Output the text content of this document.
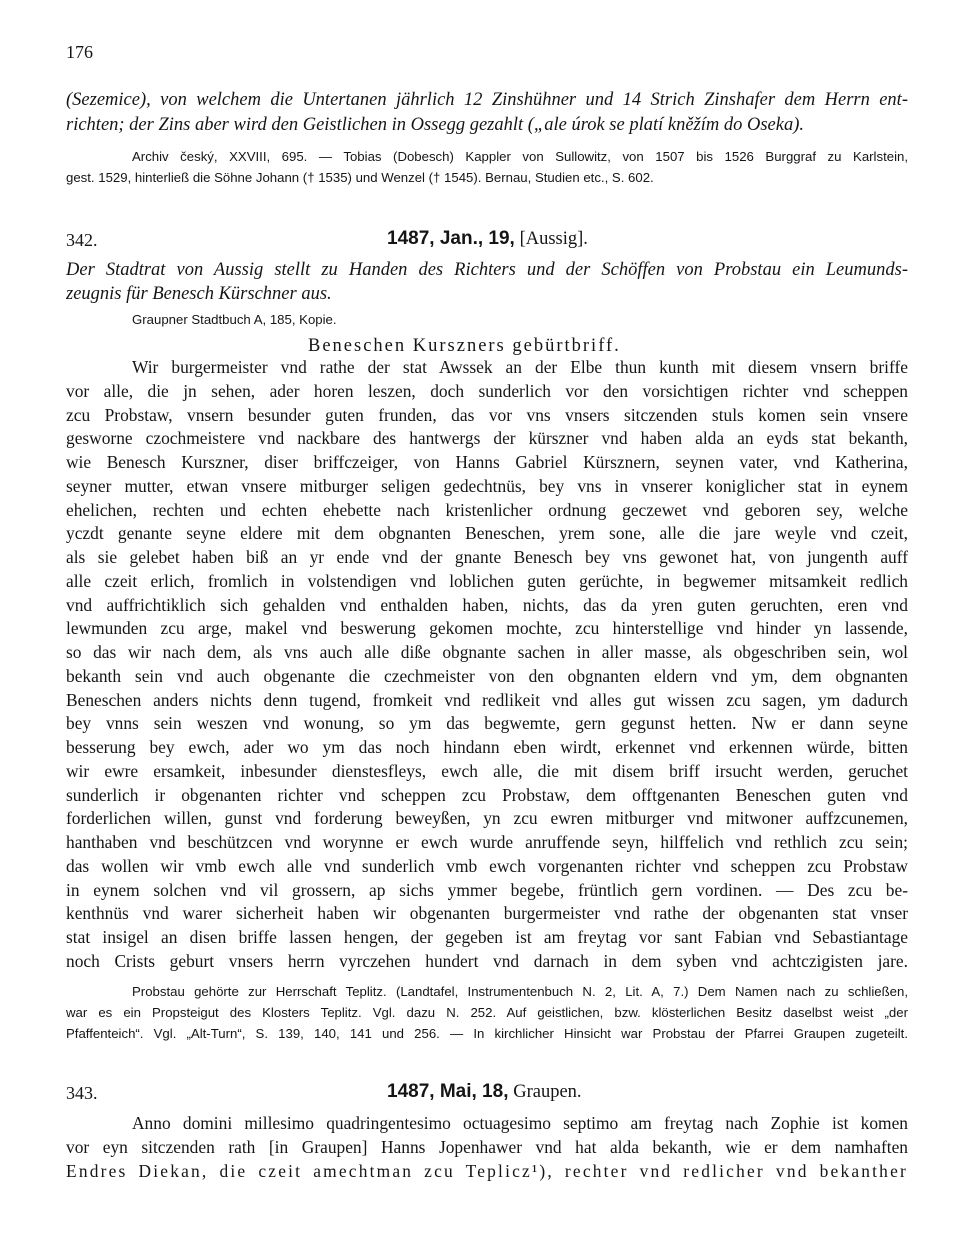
176
(Sezemice), von welchem die Untertanen jährlich 12 Zinshühner und 14 Strich Zinshafer dem Herrn ent-
richten; der Zins aber wird den Geistlichen in Ossegg gezahlt („ale úrok se platí kněžím do Oseka).
Archiv český, XXVIII, 695. — Tobias (Dobesch) Kappler von Sullowitz, von 1507 bis 1526 Burggraf zu Karlstein,
gest. 1529, hinterließ die Söhne Johann († 1535) und Wenzel († 1545). Bernau, Studien etc., S. 602.
342.	1487, Jan., 19, [Aussig].
Der Stadtrat von Aussig stellt zu Handen des Richters und der Schöffen von Probstau ein Leumunds-
zeugnis für Benesch Kürschner aus.
Graupner Stadtbuch A, 185, Kopie.
Beneschen Kurszners gebürtbriff.
Wir burgermeister vnd rathe der stat Awssek an der Elbe thun kunth mit diesem vnsern briffe
vor alle, die jn sehen, ader horen leszen, doch sunderlich vor den vorsichtigen richter vnd scheppen
zcu Probstaw, vnsern besunder guten frunden, das vor vns vnsers sitczenden stuls komen sein vnsere
gesworne czochmeistere vnd nackbare des hantwergs der kürszner vnd haben alda an eyds stat bekanth,
wie Benesch Kurszner, diser briffczeiger, von Hanns Gabriel Kürsznern, seynen vater, vnd Katherina,
seyner mutter, etwan vnsere mitburger seligen gedechtnüs, bey vns in vnserer koniglicher stat in eynem
ehelichen, rechten und echten ehebette nach kristenlicher ordnung geczewet vnd geboren sey, welche
yczdt genante seyne eldere mit dem obgnanten Beneschen, yrem sone, alle die jare weyle vnd czeit,
als sie gelebet haben biß an yr ende vnd der gnante Benesch bey vns gewonet hat, von jungenth auff
alle czeit erlich, fromlich in volstendigen vnd loblichen guten gerüchte, in begwemer mitsamkeit redlich
vnd auffrichtiklich sich gehalden vnd enthalden haben, nichts, das da yren guten geruchten, eren vnd
lewmunden zcu arge, makel vnd beswerung gekomen mochte, zcu hinterstellige vnd hinder yn lassende,
so das wir nach dem, als vns auch alle diße obgnante sachen in aller masse, als obgeschriben sein, wol
bekanth sein vnd auch obgenante die czechmeister von den obgnanten eldern vnd ym, dem obgnanten
Beneschen anders nichts denn tugend, fromkeit vnd redlikeit vnd alles gut wissen zcu sagen, ym dadurch
bey vnns sein weszen vnd wonung, so ym das begwemte, gern gegunst hetten. Nw er dann seyne
besserung bey ewch, ader wo ym das noch hindann eben wirdt, erkennet vnd erkennen würde, bitten
wir ewre ersamkeit, inbesunder dienstesfleys, ewch alle, die mit disem briff irsucht werden, geruchet
sunderlich ir obgenanten richter vnd scheppen zcu Probstaw, dem offtgenanten Beneschen guten vnd
forderlichen willen, gunst vnd forderung beweyßen, yn zcu ewren mitburger vnd mitwoner auffzcunemen,
hanthaben vnd beschützcen vnd worynne er ewch wurde anruffende seyn, hilffelich vnd rethlich zcu sein;
das wollen wir vmb ewch alle vnd sunderlich vmb ewch vorgenanten richter vnd scheppen zcu Probstaw
in eynem solchen vnd vil grossern, ap sichs ymmer begebe, früntlich gern vordinen. — Des zcu be-
kenthnüs vnd warer sicherheit haben wir obgenanten burgermeister vnd rathe der obgenanten stat vnser
stat insigel an disen briffe lassen hengen, der gegeben ist am freytag vor sant Fabian vnd Sebastiantage
noch Crists geburt vnsers herrn vyrczehen hundert vnd darnach in dem syben vnd achtczigisten jare.
Probstau gehörte zur Herrschaft Teplitz. (Landtafel, Instrumentenbuch N. 2, Lit. A, 7.) Dem Namen nach zu schließen,
war es ein Propsteigut des Klosters Teplitz. Vgl. dazu N. 252. Auf geistlichen, bzw. klösterlichen Besitz daselbst weist „der
Pfaffenteich“. Vgl. „Alt-Turn“, S. 139, 140, 141 und 256. — In kirchlicher Hinsicht war Probstau der Pfarrei Graupen zugeteilt.
343.	1487, Mai, 18, Graupen.
Anno domini millesimo quadringentesimo octuagesimo septimo am freytag nach Zophie ist komen
vor eyn sitczenden rath [in Graupen] Hanns Jopenhawer vnd hat alda bekanth, wie er dem namhaften
Endres Diekan, die czeit amechtman zcu Teplicz¹), rechter vnd redlicher vnd bekanther
